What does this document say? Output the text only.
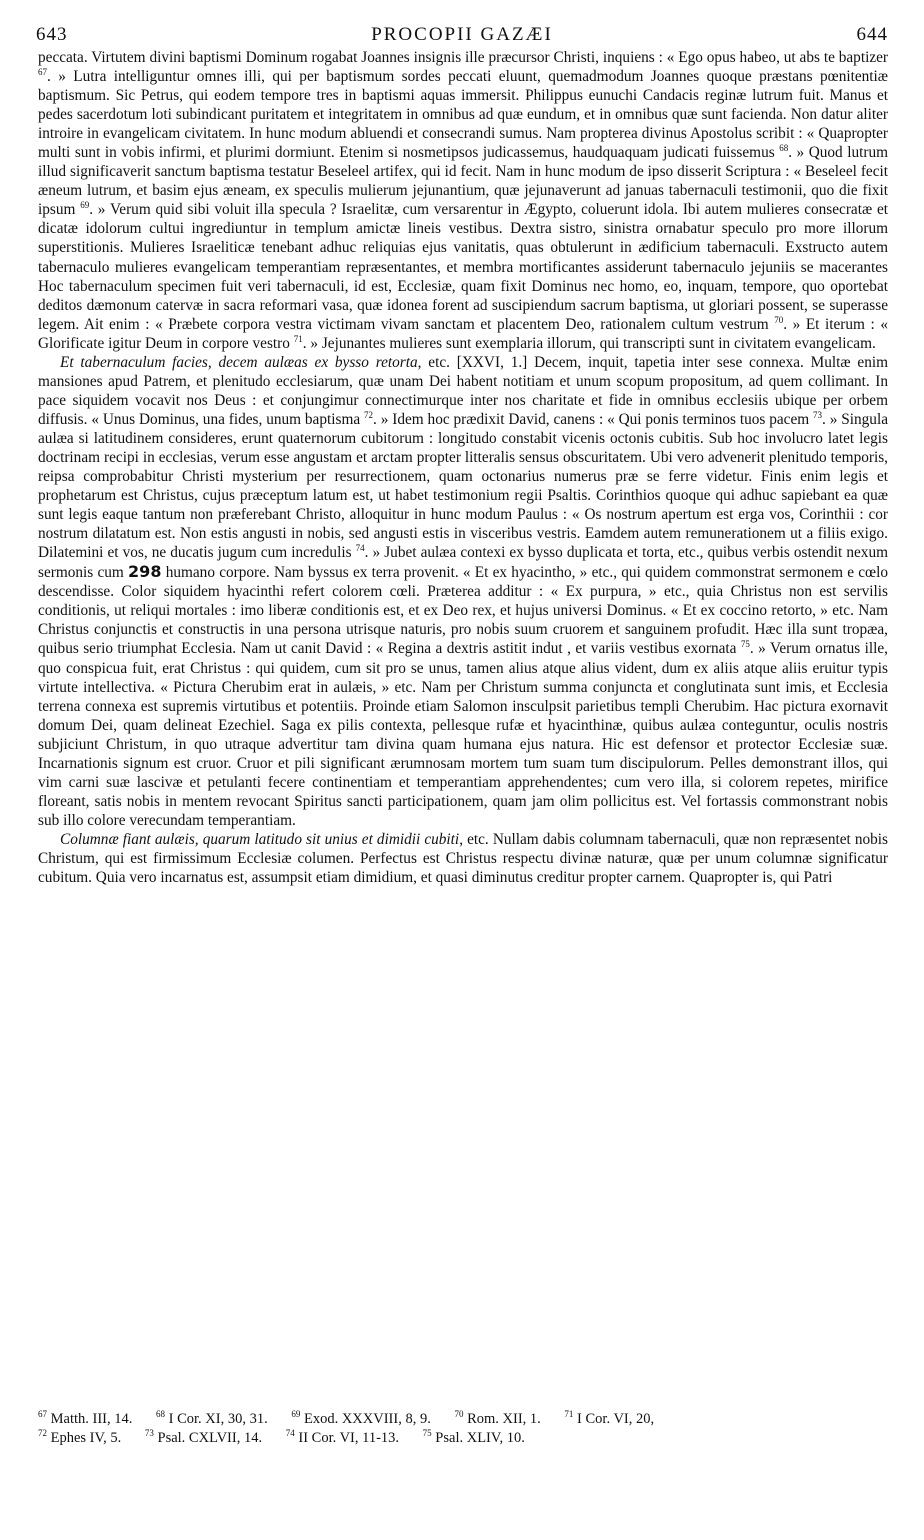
643	PROCOPII GAZÆI	644

peccata. Virtutem divini baptismi Dominum rogabat Joannes insignis ille præcursor Christi, inquiens : « Ego opus habeo, ut abs te baptizer $^{67}$. » Lutra intelliguntur omnes illi, qui per baptismum sordes peccati eluunt, quemadmodum Joannes quoque præstans pœnitentiæ baptismum. Sic Petrus, qui eodem tempore tres in baptismi aquas immersit. Philippus eunuchi Candacis reginæ lutrum fuit. Manus et pedes sacerdotum loti subindicant puritatem et integritatem in omnibus ad quæ eundum, et in omnibus quæ sunt facienda. Non datur aliter introire in evangelicam civitatem. In hunc modum abluendi et consecrandi sumus. Nam propterea divinus Apostolus scribit : « Quapropter multi sunt in vobis infirmi, et plurimi dormiunt. Etenim si nosmetipsos judicassemus, haudquaquam judicati fuissemus $^{68}$. » Quod lutrum illud significaverit sanctum baptisma testatur Beseleel artifex, qui id fecit. Nam in hunc modum de ipso disserit Scriptura : « Beseleel fecit æneum lutrum, et basim ejus æneam, ex speculis mulierum jejunantium, quæ jejunaverunt ad januas tabernaculi testimonii, quo die fixit ipsum $^{69}$. » Verum quid sibi voluit illa specula ? Israelitæ, cum versarentur in Ægypto, coluerunt idola. Ibi autem mulieres consecratæ et dicatæ idolorum cultui ingrediuntur in templum amictæ lineis vestibus. Dextra sistro, sinistra ornabatur speculo pro more illorum superstitionis. Mulieres Israeliticæ tenebant adhuc reliquias ejus vanitatis, quas obtulerunt in ædificium tabernaculi. Exstructo autem tabernaculo mulieres evangelicam temperantiam repræsentantes, et membra mortificantes assiderunt tabernaculo jejuniis se macerantes Hoc tabernaculum specimen fuit veri tabernaculi, id est, Ecclesiæ, quam fixit Dominus nec homo, eo, inquam, tempore, quo oportebat deditos dæmonum catervæ in sacra reformari vasa, quæ idonea forent ad suscipiendum sacrum baptisma, ut gloriari possent, se superasse legem. Ait enim : « Præbete corpora vestra victimam vivam sanctam et placentem Deo, rationalem cultum vestrum $^{70}$. » Et iterum : « Glorificate igitur Deum in corpore vestro $^{71}$. » Jejunantes mulieres sunt exemplaria illorum, qui transcripti sunt in civitatem evangelicam.

Et tabernaculum facies, decem aulæas ex bysso retorta, etc. [XXVI, 1.] Decem, inquit, tapetia inter sese connexa. Multæ enim mansiones apud Patrem, et plenitudo ecclesiarum, quæ unam Dei habent notitiam et unum scopum propositum, ad quem collimant. In pace siquidem vocavit nos Deus : et conjungimur connectimurque inter nos charitate et fide in omnibus ecclesiis ubique per orbem diffusis. « Unus Dominus, una fides, unum baptisma $^{72}$. » Idem hoc prædixit David, canens : « Qui ponis terminos tuos pacem $^{73}$. » Singula aulæa si latitudinem consideres, erunt quaternorum cubitorum : longitudo constabit vicenis octonis cubitis. Sub hoc involucro latet legis doctrinam recipi in ecclesias, verum esse angustam et arctam propter litteralis sensus obscuritatem. Ubi vero advenerit plenitudo temporis, reipsa comprobabitur Christi mysterium per resurrectionem, quam octonarius numerus præ se ferre videtur. Finis enim legis et prophetarum est Christus, cujus præceptum latum est, ut habet testimonium regii Psaltis. Corinthios quoque qui adhuc sapiebant ea quæ sunt legis eaque tantum non præferebant Christo, alloquitur in hunc modum Paulus : « Os nostrum apertum est erga vos, Corinthii : cor nostrum dilatatum est. Non estis angusti in nobis, sed angusti estis in visceribus vestris. Eamdem autem remunerationem ut a filiis exigo. Dilatemini et vos, ne ducatis jugum cum incredulis $^{74}$. » Jubet aulæa contexi ex bysso duplicata et torta, etc., quibus verbis ostendit nexum sermonis cum 298 humano corpore. Nam byssus ex terra provenit. « Et ex hyacintho, » etc., qui quidem commonstrat sermonem e cœlo descendisse. Color siquidem hyacinthi refert colorem cœli. Præterea additur : « Ex purpura, » etc., quia Christus non est servilis conditionis, ut reliqui mortales : imo liberæ conditionis est, et ex Deo rex, et hujus universi Dominus. « Et ex coccino retorto, » etc. Nam Christus conjunctis et constructis in una persona utrisque naturis, pro nobis suum cruorem et sanguinem profudit. Hæc illa sunt tropæa, quibus serio triumphat Ecclesia. Nam ut canit David : « Regina a dextris astitit indut , et variis vestibus exornata $^{75}$. » Verum ornatus ille, quo conspicua fuit, erat Christus : qui quidem, cum sit pro se unus, tamen alius atque alius vident, dum ex aliis atque aliis eruitur typis virtute intellectiva. « Pictura Cherubim erat in aulæis, » etc. Nam per Christum summa conjuncta et conglutinata sunt imis, et Ecclesia terrena connexa est supremis virtutibus et potentiis. Proinde etiam Salomon insculpsit parietibus templi Cherubim. Hac pictura exornavit domum Dei, quam delineat Ezechiel. Saga ex pilis contexta, pellesque rufæ et hyacinthinæ, quibus aulæa conteguntur, oculis nostris subjiciunt Christum, in quo utraque advertitur tam divina quam humana ejus natura. Hic est defensor et protector Ecclesiæ suæ. Incarnationis signum est cruor. Cruor et pili significant ærumnosam mortem tum suam tum discipulorum. Pelles demonstrant illos, qui vim carni suæ lascivæ et petulanti fecere continentiam et temperantiam apprehendentes; cum vero illa, si colorem repetes, mirifice floreant, satis nobis in mentem revocant Spiritus sancti participationem, quam jam olim pollicitus est. Vel fortassis commonstrant nobis sub illo colore verecundam temperantiam.

Columnæ fiant aulæis, quarum latitudo sit unius et dimidii cubiti, etc. Nullam dabis columnam tabernaculi, quæ non repræsentet nobis Christum, qui est firmissimum Ecclesiæ columen. Perfectus est Christus respectu divinæ naturæ, quæ per unum columnæ significatur cubitum. Quia vero incarnatus est, assumpsit etiam dimidium, et quasi diminutus creditur propter carnem. Quapropter is, qui Patri

$^{67}$ Matth. III, 14.	$^{68}$ I Cor. XI, 30, 31.	$^{69}$ Exod. XXXVIII, 8, 9.	$^{70}$ Rom. XII, 1.	$^{71}$ I Cor. VI, 20,
$^{72}$ Ephes IV, 5.	$^{73}$ Psal. CXLVII, 14.	$^{74}$ II Cor. VI, 11-13.	$^{75}$ Psal. XLIV, 10.
